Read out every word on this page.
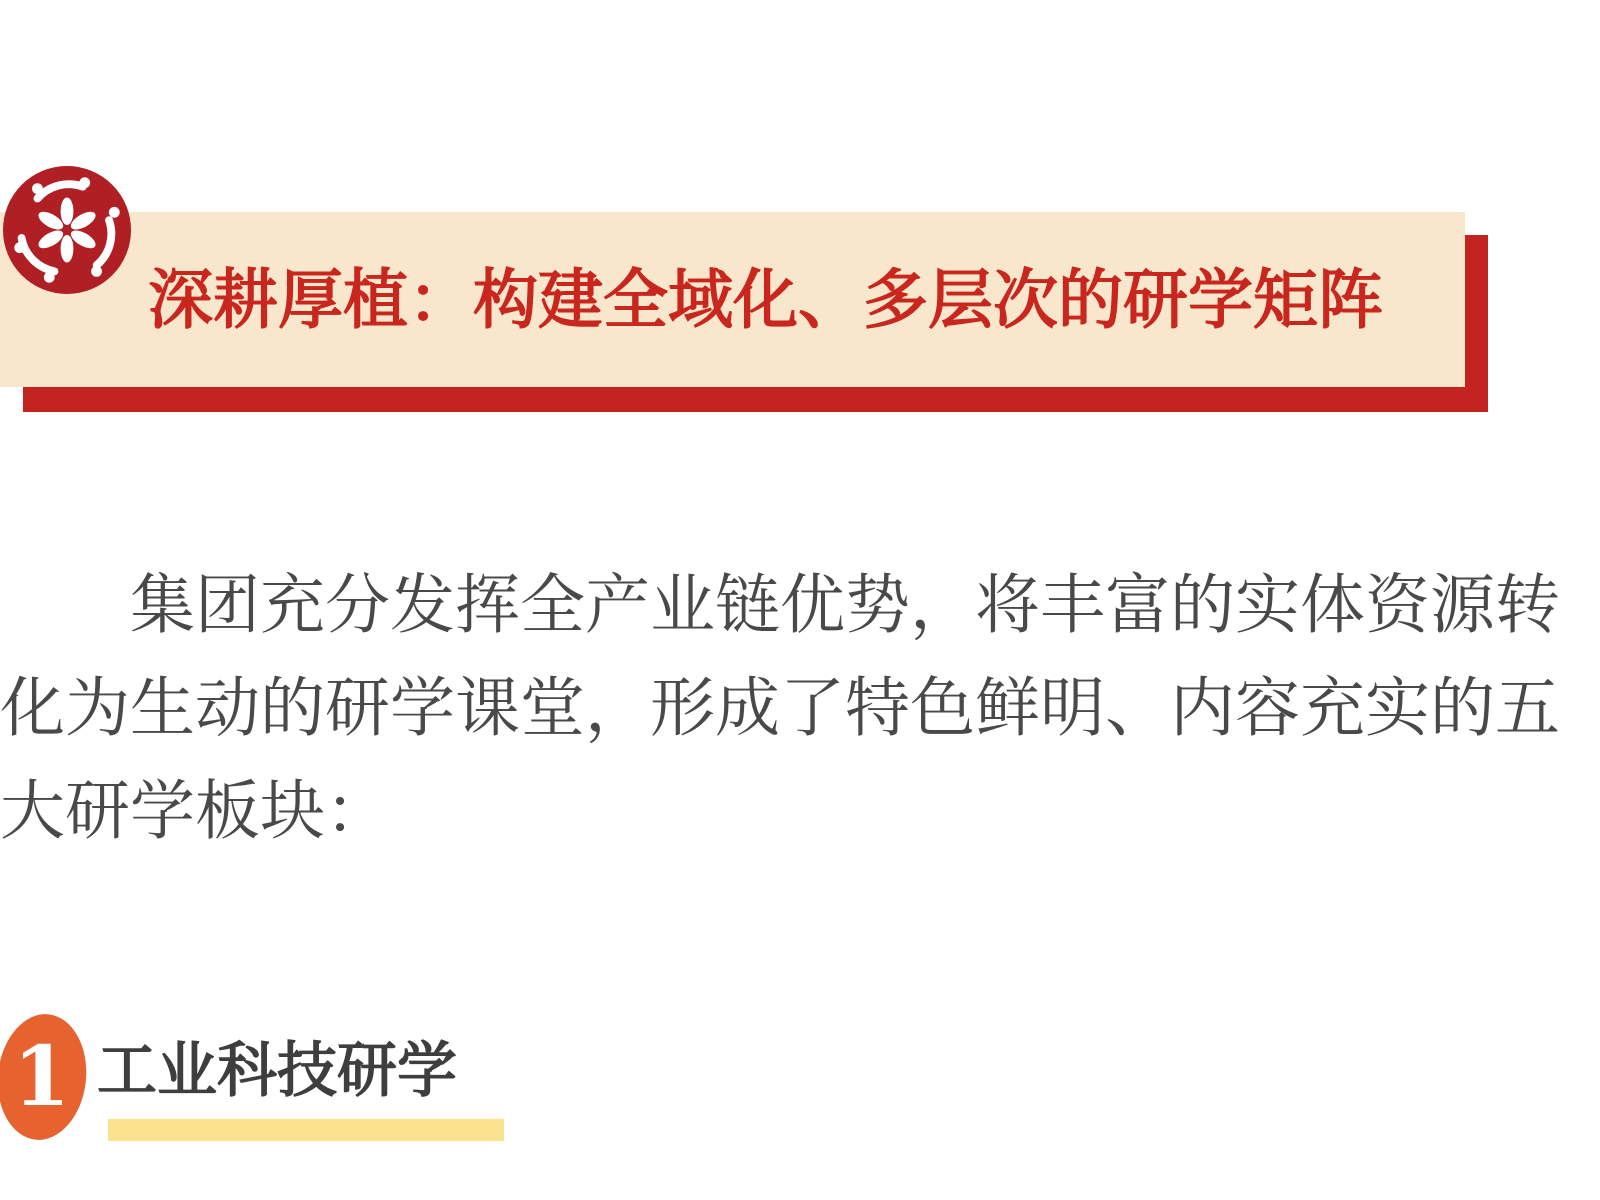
深耕厚植：构建全域化、多层次的研学矩阵

集团充分发挥全产业链优势，将丰富的实体资源转
化为生动的研学课堂，形成了特色鲜明、内容充实的五
大研学板块：

1 工业科技研学
